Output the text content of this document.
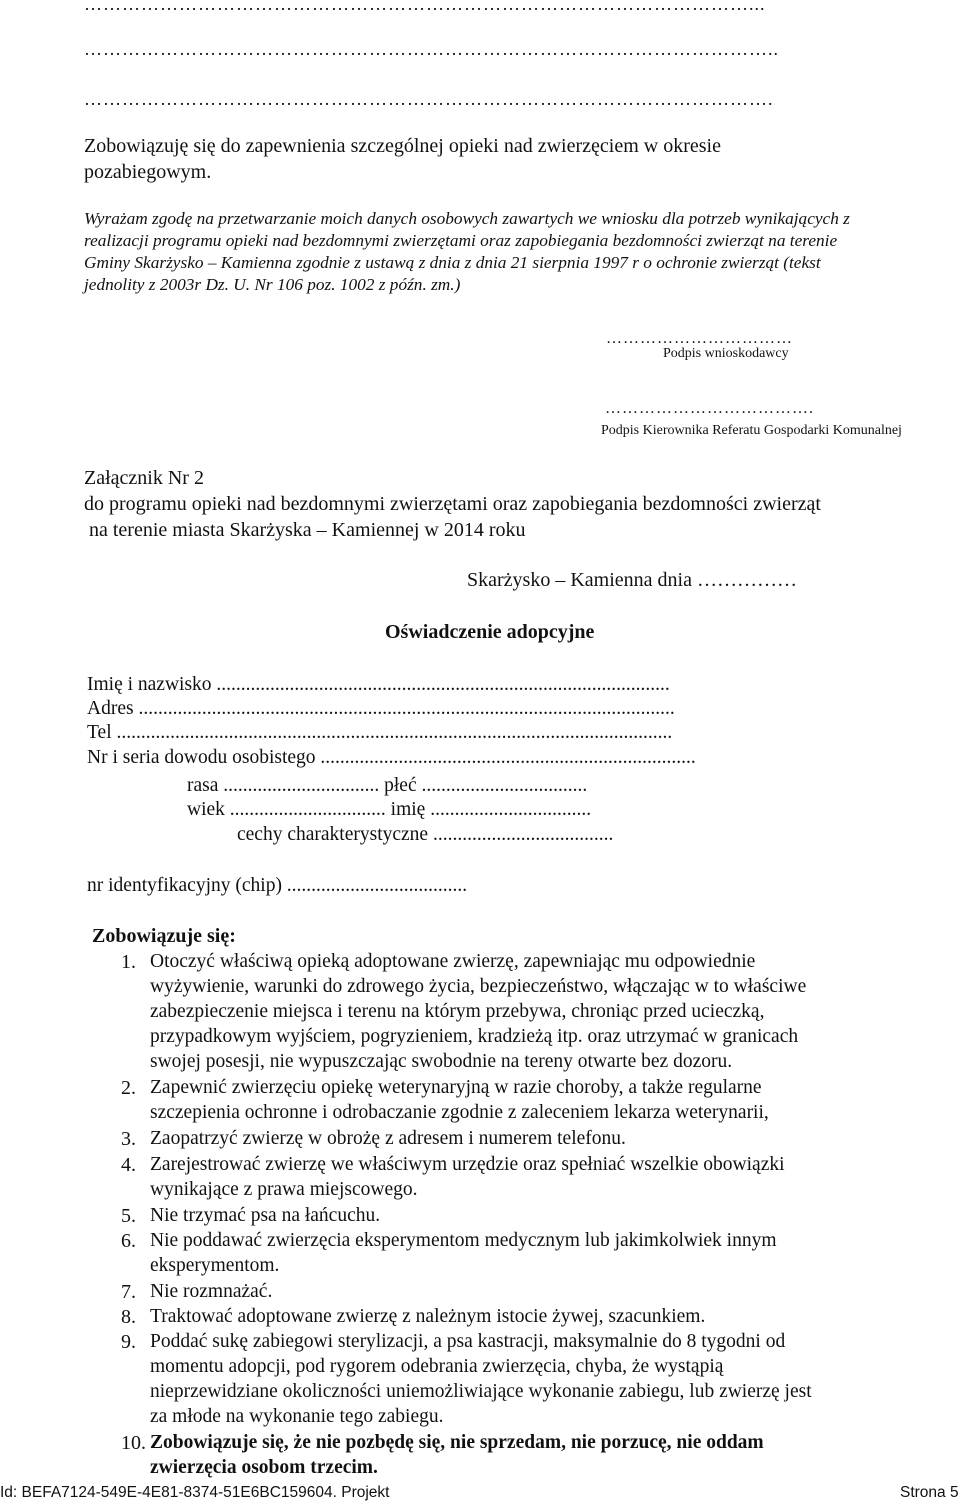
……………………………………………………………………………………………...
………………………………………………………………………………………………..
……………………………………………………………………………………………….
Zobowiązuję się do zapewnienia szczególnej opieki nad zwierzęciem w okresie
pozabiegowym.
Wyrażam zgodę na przetwarzanie moich danych osobowych zawartych we wniosku dla potrzeb wynikających z
realizacji programu opieki nad bezdomnymi zwierzętami oraz zapobiegania bezdomności zwierząt na terenie
Gminy Skarżysko – Kamienna zgodnie z ustawą z dnia z dnia 21 sierpnia 1997 r o ochronie zwierząt (tekst
jednolity z 2003r Dz. U. Nr 106 poz. 1002 z późn. zm.)
……………………………
Podpis wnioskodawcy
……………………………….
Podpis Kierownika Referatu Gospodarki Komunalnej
Załącznik Nr 2
do programu opieki nad bezdomnymi zwierzętami oraz zapobiegania bezdomności zwierząt
na terenie miasta Skarżyska – Kamiennej w 2014 roku
Skarżysko – Kamienna dnia ……………
Oświadczenie adopcyjne
Imię i nazwisko .............................................................................................
Adres ..............................................................................................................
Tel ..................................................................................................................
Nr i seria dowodu osobistego .............................................................................
rasa ................................ płeć ..................................
wiek ................................ imię .................................
cechy charakterystyczne .....................................
nr identyfikacyjny (chip) .....................................
Zobowiązuje się:
1. Otoczyć właściwą opieką adoptowane zwierzę, zapewniając mu odpowiednie
wyżywienie, warunki do zdrowego życia, bezpieczeństwo, włączając w to właściwe
zabezpieczenie miejsca i terenu na którym przebywa, chroniąc przed ucieczką,
przypadkowym wyjściem, pogryzieniem, kradzieżą itp. oraz utrzymać w granicach
swojej posesji, nie wypuszczając swobodnie na tereny otwarte bez dozoru.
2. Zapewnić zwierzęciu opiekę weterynaryjną w razie choroby, a także regularne
szczepienia ochronne i odrobaczanie zgodnie z zaleceniem lekarza weterynarii,
3. Zaopatrzyć zwierzę w obrożę z adresem i numerem telefonu.
4. Zarejestrować zwierzę we właściwym urzędzie oraz spełniać wszelkie obowiązki
wynikające z prawa miejscowego.
5. Nie trzymać psa na łańcuchu.
6. Nie poddawać zwierzęcia eksperymentom medycznym lub jakimkolwiek innym
eksperymentom.
7. Nie rozmnażać.
8. Traktować adoptowane zwierzę z należnym istocie żywej, szacunkiem.
9. Poddać sukę zabiegowi sterylizacji, a psa kastracji, maksymalnie do 8 tygodni od
momentu adopcji, pod rygorem odebrania zwierzęcia, chyba, że wystąpią
nieprzewidziane okoliczności uniemożliwiające wykonanie zabiegu, lub zwierzę jest
za młode na wykonanie tego zabiegu.
10. Zobowiązuje się, że nie pozbędę się, nie sprzedam, nie porzucę, nie oddam
zwierzęcia osobom trzecim.
Id: BEFA7124-549E-4E81-8374-51E6BC159604. Projekt	Strona 5
